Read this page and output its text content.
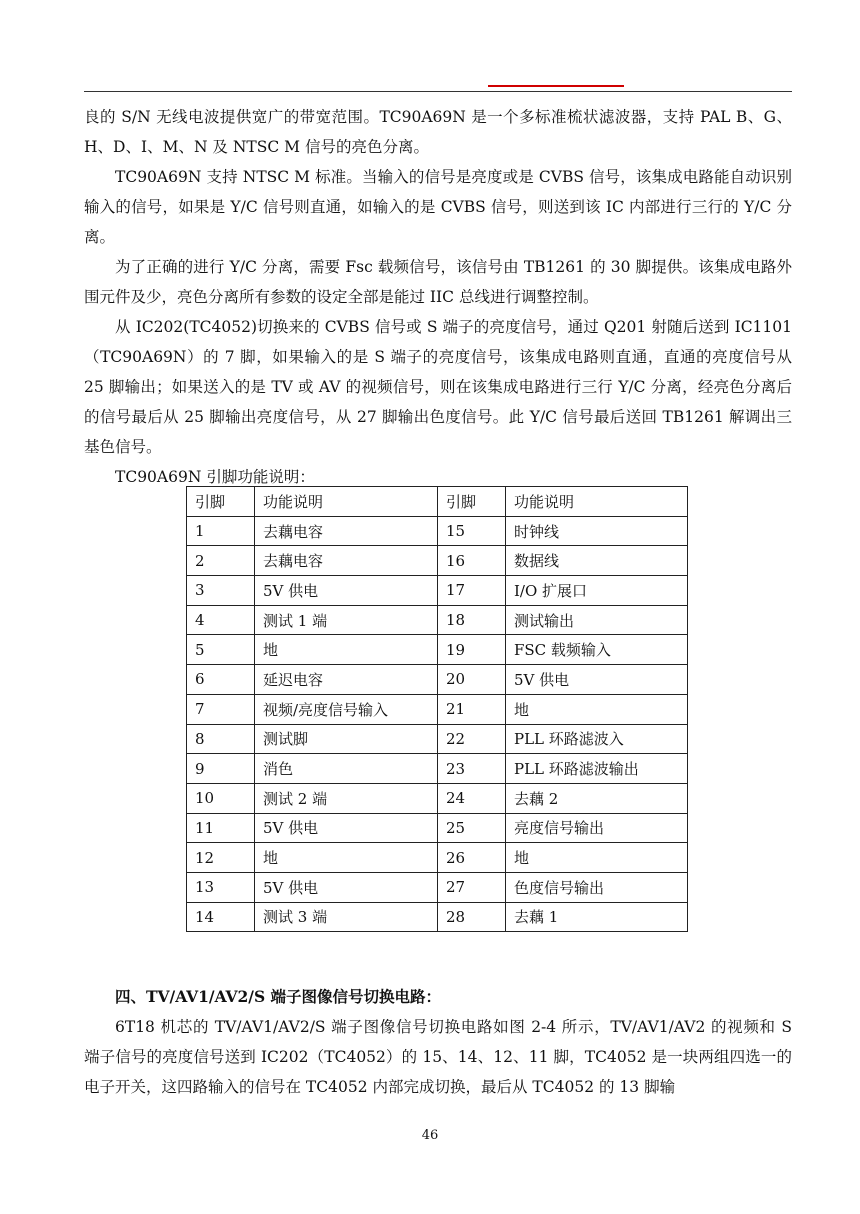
良的 S/N 无线电波提供宽广的带宽范围。TC90A69N 是一个多标准梳状滤波器，支持 PAL B、G、H、D、I、M、N 及 NTSC M 信号的亮色分离。

TC90A69N 支持 NTSC M 标准。当输入的信号是亮度或是 CVBS 信号，该集成电路能自动识别输入的信号，如果是 Y/C 信号则直通，如输入的是 CVBS 信号，则送到该 IC 内部进行三行的 Y/C 分离。

为了正确的进行 Y/C 分离，需要 Fsc 载频信号，该信号由 TB1261 的 30 脚提供。该集成电路外围元件及少，亮色分离所有参数的设定全部是能过 IIC 总线进行调整控制。

从 IC202(TC4052)切换来的 CVBS 信号或 S 端子的亮度信号，通过 Q201 射随后送到 IC1101（TC90A69N）的 7 脚，如果输入的是 S 端子的亮度信号，该集成电路则直通，直通的亮度信号从 25 脚输出；如果送入的是 TV 或 AV 的视频信号，则在该集成电路进行三行 Y/C 分离，经亮色分离后的信号最后从 25 脚输出亮度信号，从 27 脚输出色度信号。此 Y/C 信号最后送回 TB1261 解调出三基色信号。

TC90A69N 引脚功能说明：

引脚	功能说明	引脚	功能说明
1	去藕电容	15	时钟线
2	去藕电容	16	数据线
3	5V 供电	17	I/O 扩展口
4	测试 1 端	18	测试输出
5	地	19	FSC 载频输入
6	延迟电容	20	5V 供电
7	视频/亮度信号输入	21	地
8	测试脚	22	PLL 环路滤波入
9	消色	23	PLL 环路滤波输出
10	测试 2 端	24	去藕 2
11	5V 供电	25	亮度信号输出
12	地	26	地
13	5V 供电	27	色度信号输出
14	测试 3 端	28	去藕 1
四、TV/AV1/AV2/S 端子图像信号切换电路：

6T18 机芯的 TV/AV1/AV2/S 端子图像信号切换电路如图 2-4 所示，TV/AV1/AV2 的视频和 S 端子信号的亮度信号送到 IC202（TC4052）的 15、14、12、11 脚，TC4052 是一块两组四选一的电子开关，这四路输入的信号在 TC4052 内部完成切换，最后从 TC4052 的 13 脚输

46
